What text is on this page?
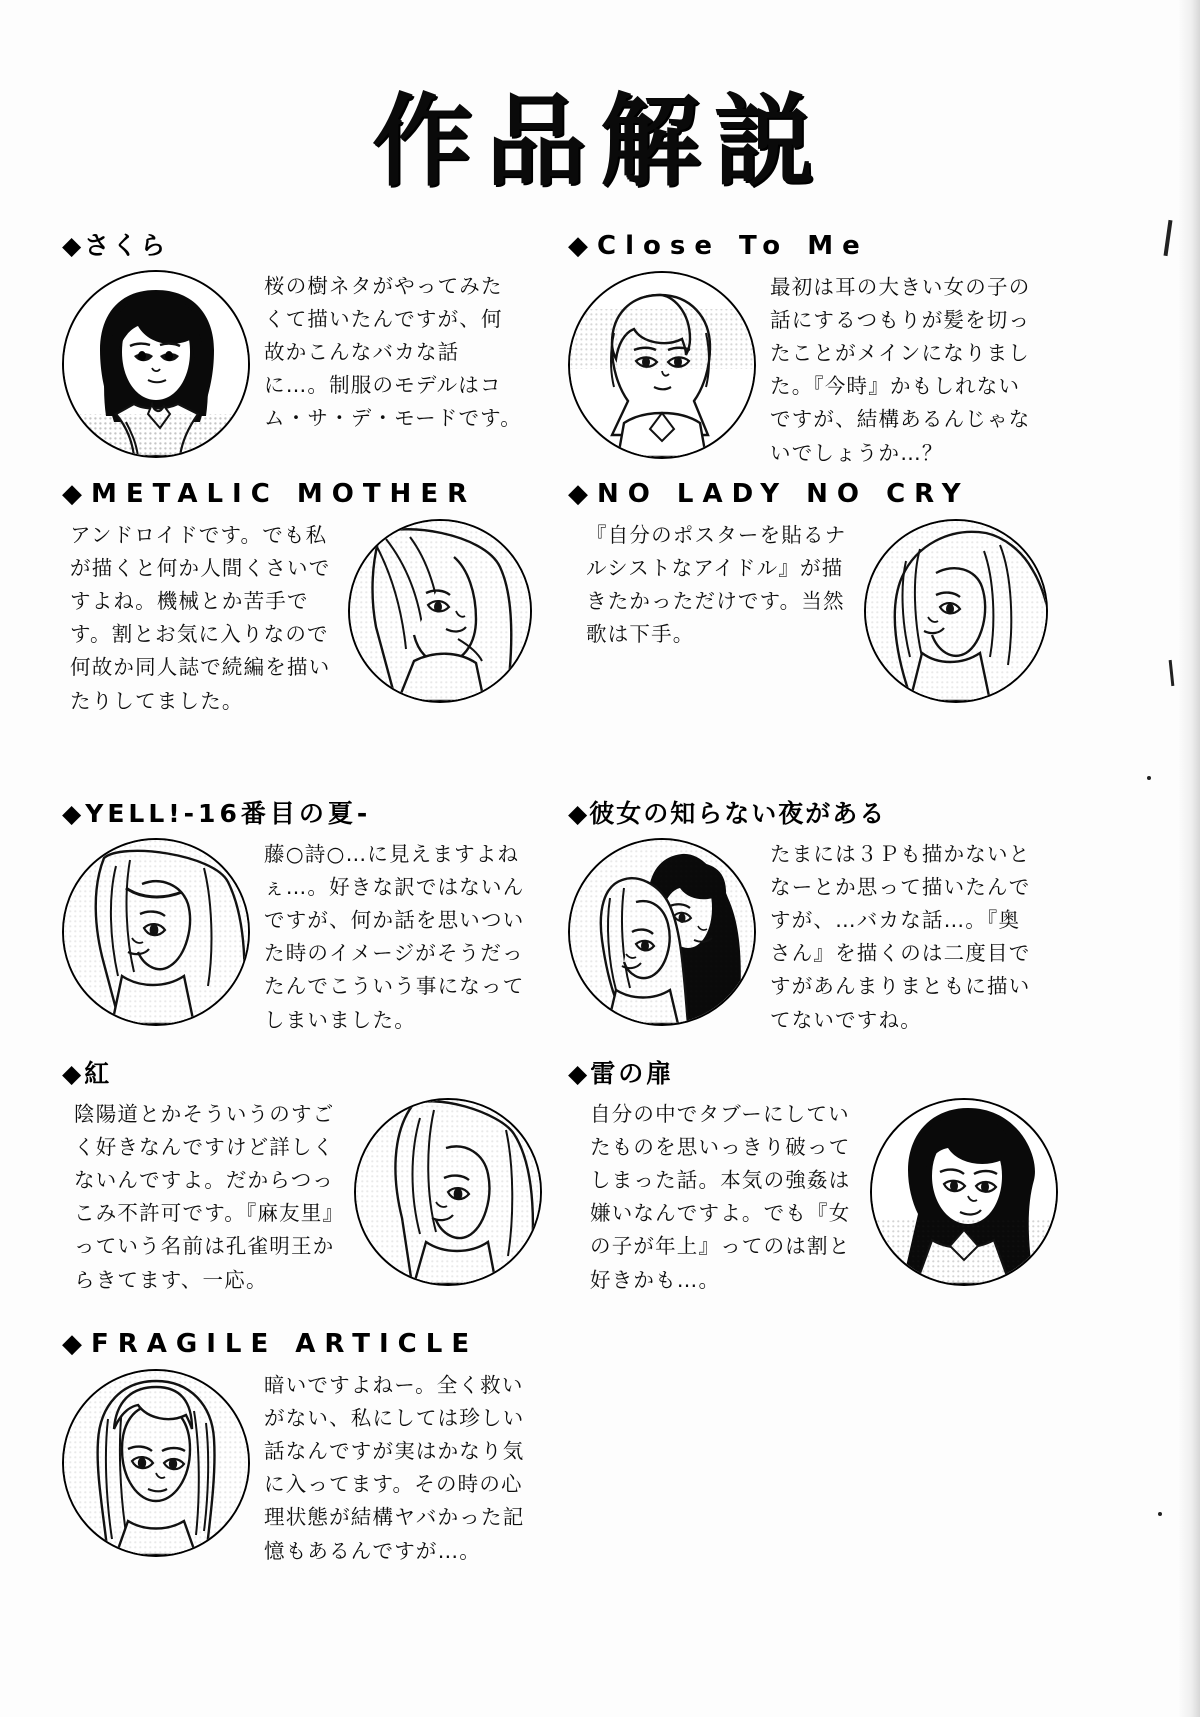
作品解説
◆さくら
桜の樹ネタがやってみたくて描いたんですが、何故かこんなバカな話に…。制服のモデルはコム・サ・デ・モードです。
◆Close To Me
最初は耳の大きい女の子の話にするつもりが髪を切ったことがメインになりました。『今時』かもしれないですが、結構あるんじゃないでしょうか…？
◆METALIC MOTHER
アンドロイドです。でも私が描くと何か人間くさいですよね。機械とか苦手です。割とお気に入りなので何故か同人誌で続編を描いたりしてました。
◆NO LADY NO CRY
『自分のポスターを貼るナルシストなアイドル』が描きたかっただけです。当然歌は下手。
◆YELL!-16番目の夏-
藤○詩○…に見えますよねぇ…。好きな訳ではないんですが、何か話を思いついた時のイメージがそうだったんでこういう事になってしまいました。
◆彼女の知らない夜がある
たまには３Ｐも描かないとなーとか思って描いたんですが、…バカな話…。『奥さん』を描くのは二度目ですがあんまりまともに描いてないですね。
◆紅
陰陽道とかそういうのすごく好きなんですけど詳しくないんですよ。だからつっこみ不許可です。『麻友里』っていう名前は孔雀明王からきてます、一応。
◆雷の扉
自分の中でタブーにしていたものを思いっきり破ってしまった話。本気の強姦は嫌いなんですよ。でも『女の子が年上』ってのは割と好きかも…。
◆FRAGILE ARTICLE
暗いですよねー。全く救いがない、私にしては珍しい話なんですが実はかなり気に入ってます。その時の心理状態が結構ヤバかった記憶もあるんですが…。
